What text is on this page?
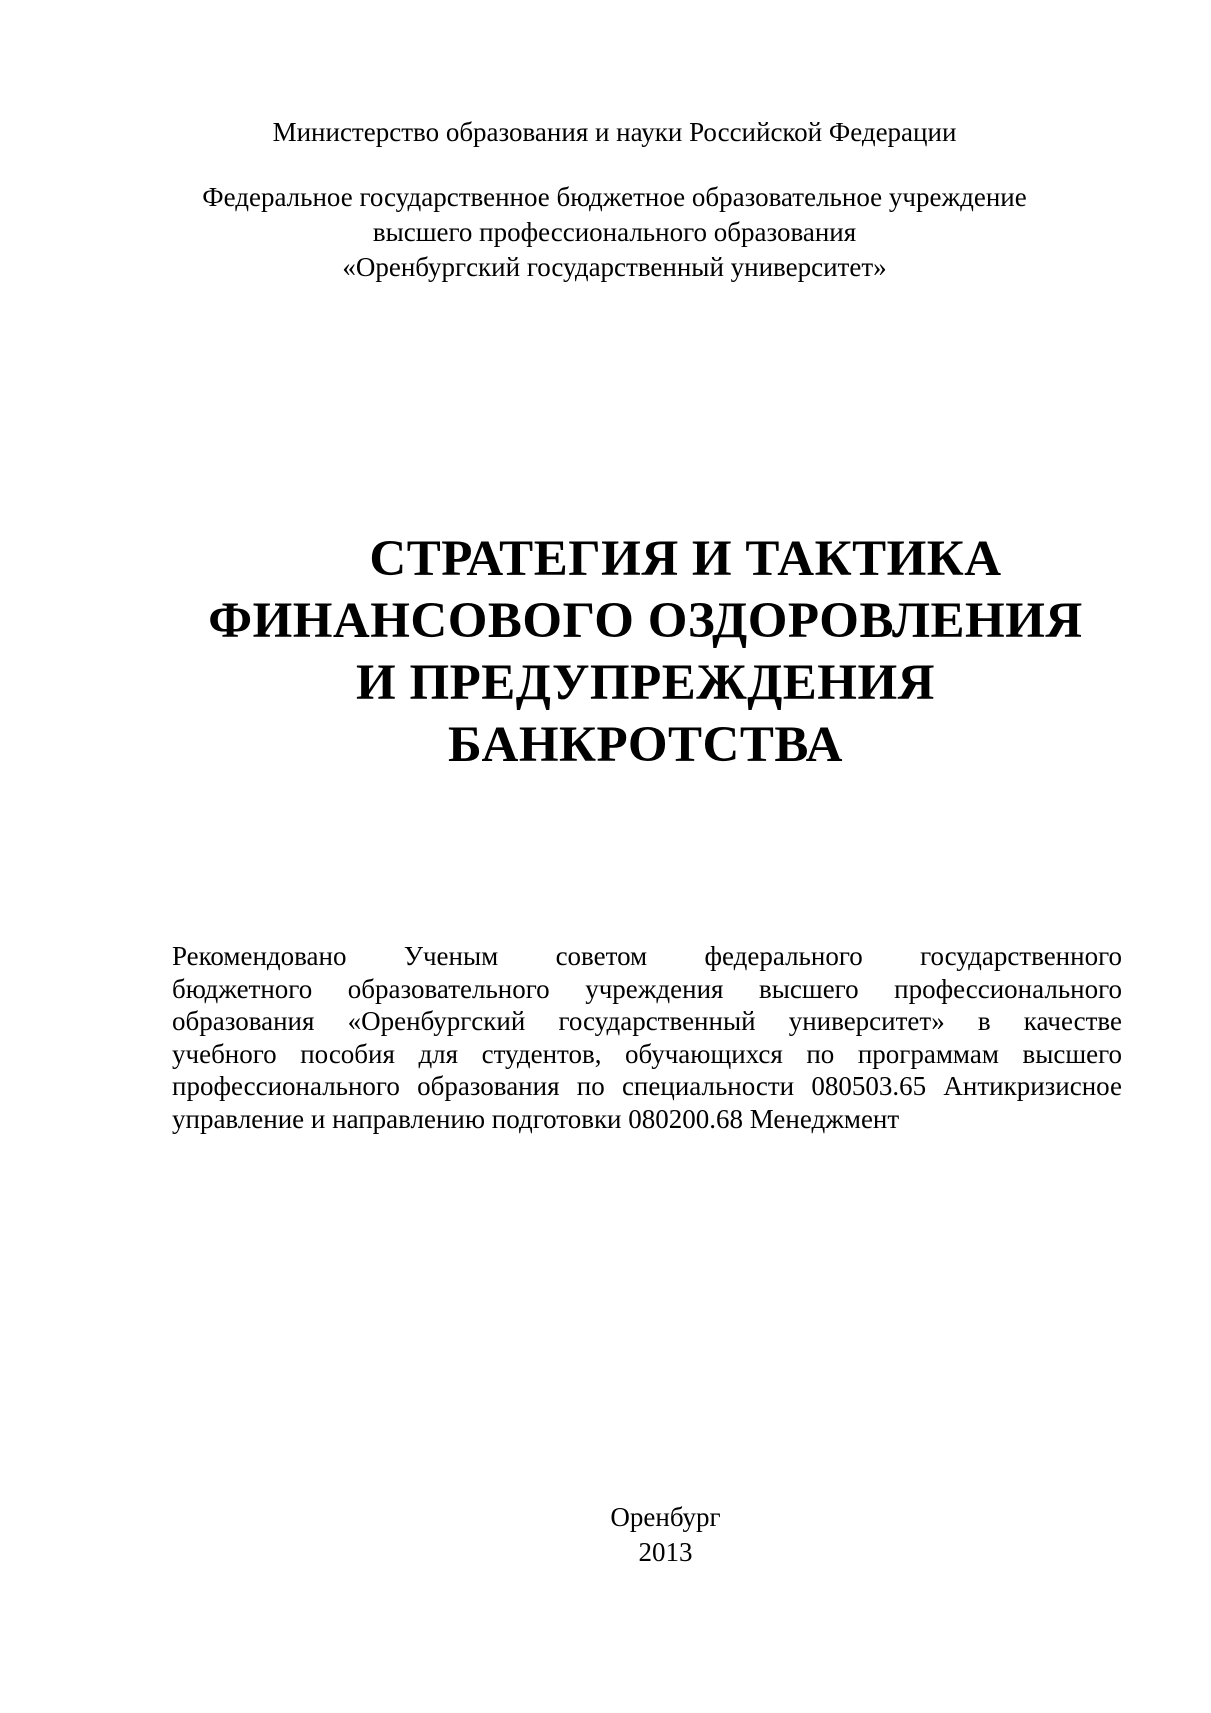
Министерство образования и науки Российской Федерации
Федеральное государственное бюджетное образовательное учреждение
высшего профессионального образования
«Оренбургский государственный университет»
СТРАТЕГИЯ И ТАКТИКА
ФИНАНСОВОГО ОЗДОРОВЛЕНИЯ
И ПРЕДУПРЕЖДЕНИЯ
БАНКРОТСТВА
Рекомендовано Ученым советом федерального государственного
бюджетного образовательного учреждения высшего профессионального
образования «Оренбургский государственный университет» в качестве
учебного пособия для студентов, обучающихся по программам высшего
профессионального образования по специальности 080503.65 Антикризисное
управление и направлению подготовки 080200.68 Менеджмент
Оренбург
2013
